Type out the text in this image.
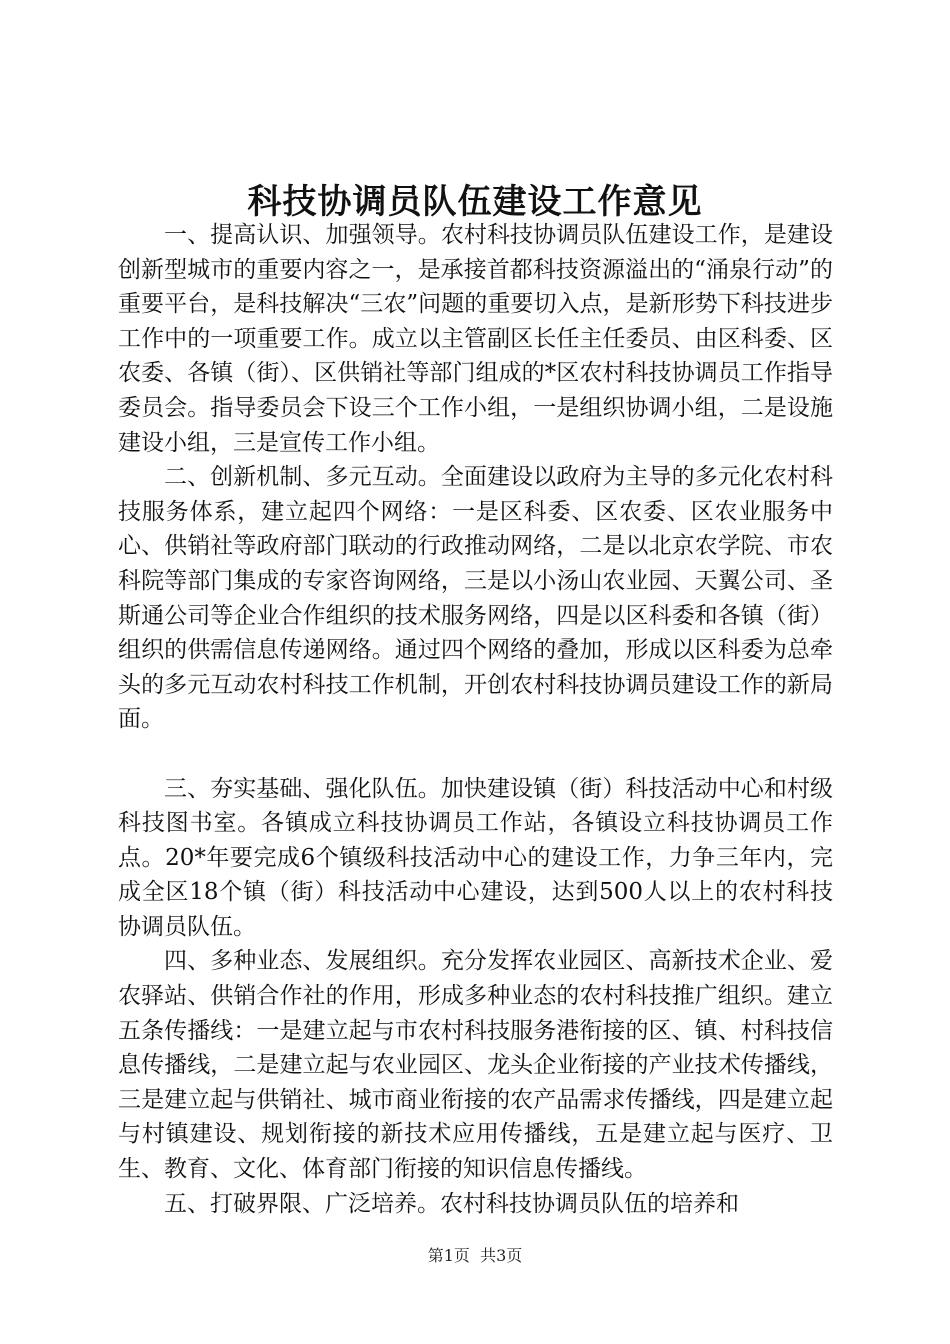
科技协调员队伍建设工作意见

一、提高认识、加强领导。农村科技协调员队伍建设工作，是建设创新型城市的重要内容之一，是承接首都科技资源溢出的“涌泉行动”的重要平台，是科技解决“三农”问题的重要切入点，是新形势下科技进步工作中的一项重要工作。成立以主管副区长任主任委员、由区科委、区农委、各镇（街）、区供销社等部门组成的*区农村科技协调员工作指导委员会。指导委员会下设三个工作小组，一是组织协调小组，二是设施建设小组，三是宣传工作小组。

二、创新机制、多元互动。全面建设以政府为主导的多元化农村科技服务体系，建立起四个网络：一是区科委、区农委、区农业服务中心、供销社等政府部门联动的行政推动网络，二是以北京农学院、市农科院等部门集成的专家咨询网络，三是以小汤山农业园、天翼公司、圣斯通公司等企业合作组织的技术服务网络，四是以区科委和各镇（街）组织的供需信息传递网络。通过四个网络的叠加，形成以区科委为总牵头的多元互动农村科技工作机制，开创农村科技协调员建设工作的新局面。

三、夯实基础、强化队伍。加快建设镇（街）科技活动中心和村级科技图书室。各镇成立科技协调员工作站，各镇设立科技协调员工作点。20*年要完成6个镇级科技活动中心的建设工作，力争三年内，完成全区18个镇（街）科技活动中心建设，达到500人以上的农村科技协调员队伍。

四、多种业态、发展组织。充分发挥农业园区、高新技术企业、爱农驿站、供销合作社的作用，形成多种业态的农村科技推广组织。建立五条传播线：一是建立起与市农村科技服务港衔接的区、镇、村科技信息传播线，二是建立起与农业园区、龙头企业衔接的产业技术传播线，三是建立起与供销社、城市商业衔接的农产品需求传播线，四是建立起与村镇建设、规划衔接的新技术应用传播线，五是建立起与医疗、卫生、教育、文化、体育部门衔接的知识信息传播线。

五、打破界限、广泛培养。农村科技协调员队伍的培养和

第1页 共3页
